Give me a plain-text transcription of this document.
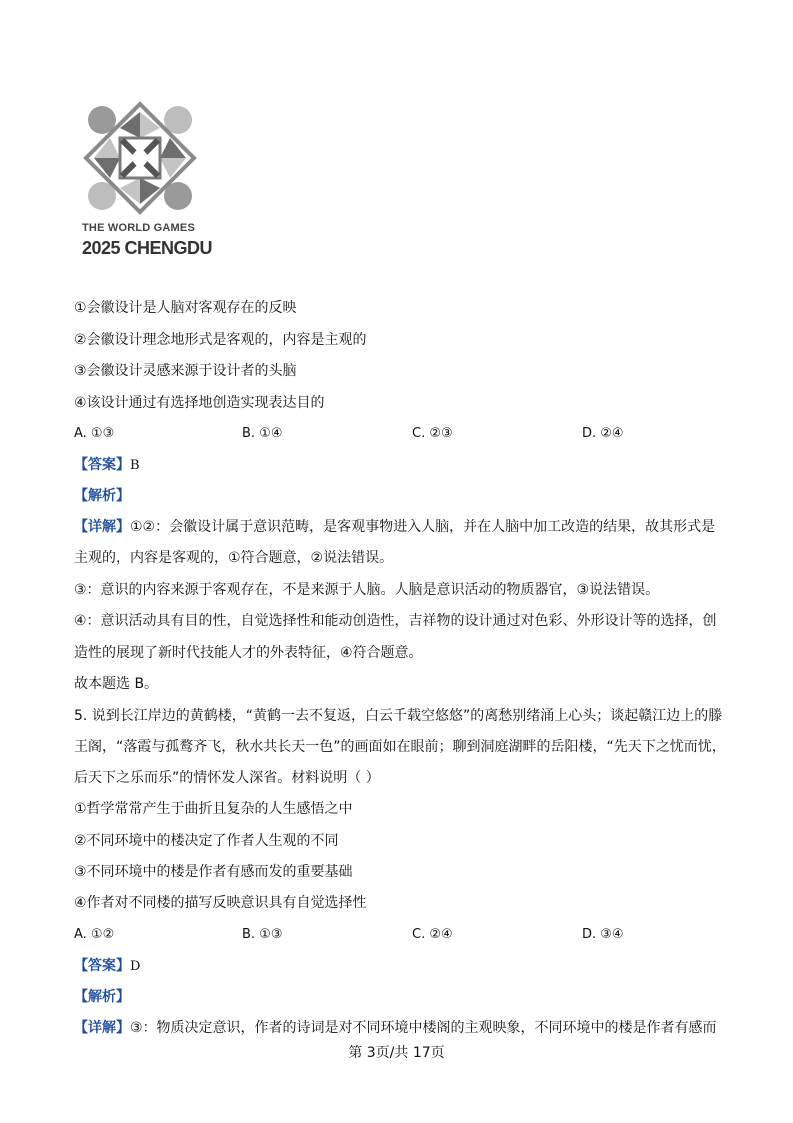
THE WORLD GAMES
2025 CHENGDU
①会徽设计是人脑对客观存在的反映
②会徽设计理念地形式是客观的，内容是主观的
③会徽设计灵感来源于设计者的头脑
④该设计通过有选择地创造实现表达目的
A. ①③	B. ①④	C. ②③	D. ②④
【答案】B
【解析】
【详解】①②：会徽设计属于意识范畴，是客观事物进入人脑，并在人脑中加工改造的结果，故其形式是
主观的，内容是客观的，①符合题意，②说法错误。
③：意识的内容来源于客观存在，不是来源于人脑。人脑是意识活动的物质器官，③说法错误。
④：意识活动具有目的性，自觉选择性和能动创造性，吉祥物的设计通过对色彩、外形设计等的选择，创
造性的展现了新时代技能人才的外表特征，④符合题意。
故本题选 B。
5. 说到长江岸边的黄鹤楼，“黄鹤一去不复返，白云千载空悠悠”的离愁别绪涌上心头；谈起赣江边上的滕
王阁，“落霞与孤鹜齐飞，秋水共长天一色”的画面如在眼前；聊到洞庭湖畔的岳阳楼，“先天下之忧而忧，
后天下之乐而乐”的情怀发人深省。材料说明（ ）
①哲学常常产生于曲折且复杂的人生感悟之中
②不同环境中的楼决定了作者人生观的不同
③不同环境中的楼是作者有感而发的重要基础
④作者对不同楼的描写反映意识具有自觉选择性
A. ①②	B. ①③	C. ②④	D. ③④
【答案】D
【解析】
【详解】③：物质决定意识，作者的诗词是对不同环境中楼阁的主观映象，不同环境中的楼是作者有感而
第 3页/共 17页
